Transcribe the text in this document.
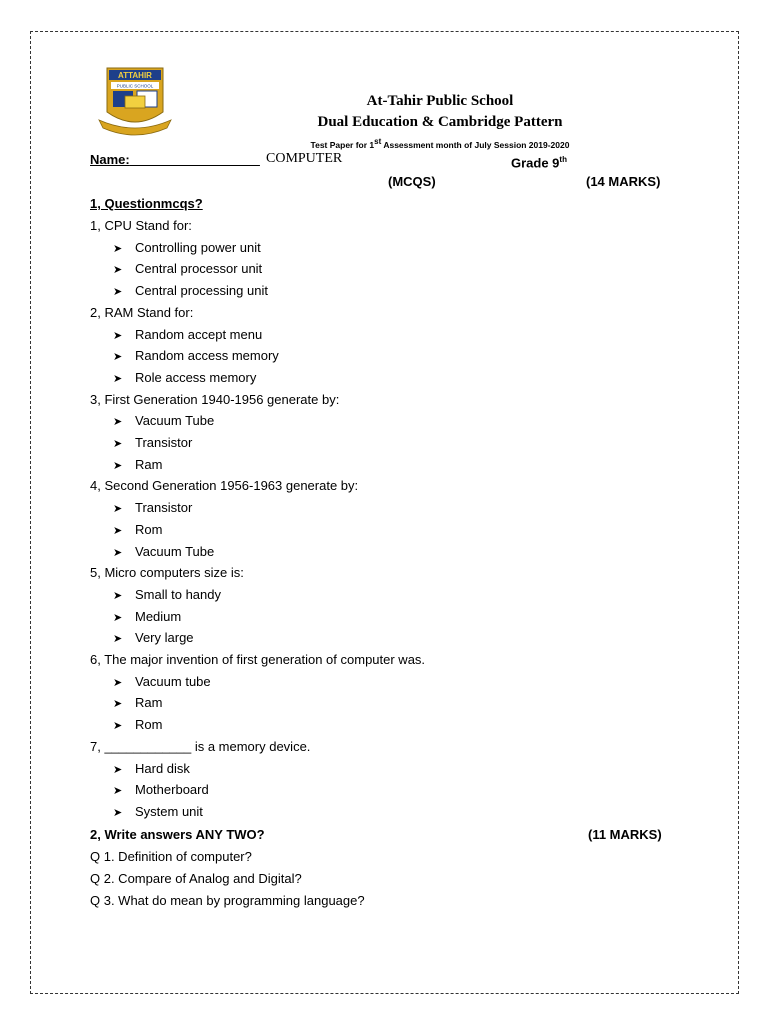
ATTAHIR
PUBLIC SCHOOL
At-Tahir Public School
Dual Education & Cambridge Pattern
Test Paper for 1st Assessment month of July Session 2019-2020
Name:__________________ COMPUTER	Grade 9th
(MCQS)	(14 MARKS)
1, Questionmcqs?
1, CPU Stand for:
➤ Controlling power unit
➤ Central processor unit
➤ Central processing unit
2, RAM Stand for:
➤ Random accept menu
➤ Random access memory
➤ Role access memory
3, First Generation 1940-1956 generate by:
➤ Vacuum Tube
➤ Transistor
➤ Ram
4, Second Generation 1956-1963 generate by:
➤ Transistor
➤ Rom
➤ Vacuum Tube
5, Micro computers size is:
➤ Small to handy
➤ Medium
➤ Very large
6, The major invention of first generation of computer was.
➤ Vacuum tube
➤ Ram
➤ Rom
7, ____________ is a memory device.
➤ Hard disk
➤ Motherboard
➤ System unit
2, Write answers ANY TWO?	(11 MARKS)
Q 1. Definition of computer?
Q 2. Compare of Analog and Digital?
Q 3. What do mean by programming language?
